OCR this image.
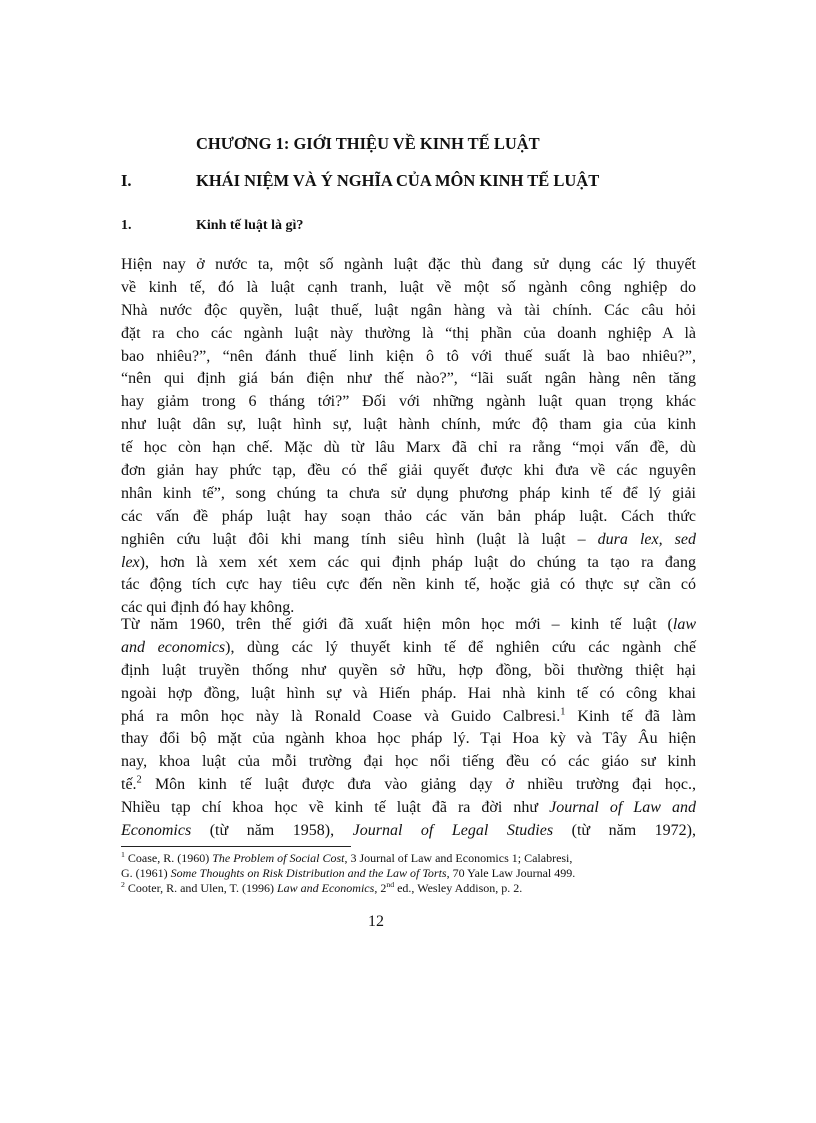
CHƯƠNG 1: GIỚI THIỆU VỀ KINH TẾ LUẬT
I.	KHÁI NIỆM VÀ Ý NGHĨA CỦA MÔN KINH TẾ LUẬT
1.	Kinh tế luật là gì?
Hiện nay ở nước ta, một số ngành luật đặc thù đang sử dụng các lý thuyết
về kinh tế, đó là luật cạnh tranh, luật về một số ngành công nghiệp do
Nhà nước độc quyền, luật thuế, luật ngân hàng và tài chính. Các câu hỏi
đặt ra cho các ngành luật này thường là “thị phần của doanh nghiệp A là
bao nhiêu?”, “nên đánh thuế linh kiện ô tô với thuế suất là bao nhiêu?”,
“nên qui định giá bán điện như thế nào?”, “lãi suất ngân hàng nên tăng
hay giảm trong 6 tháng tới?” Đối với những ngành luật quan trọng khác
như luật dân sự, luật hình sự, luật hành chính, mức độ tham gia của kinh
tế học còn hạn chế. Mặc dù từ lâu Marx đã chỉ ra rằng “mọi vấn đề, dù
đơn giản hay phức tạp, đều có thể giải quyết được khi đưa về các nguyên
nhân kinh tế”, song chúng ta chưa sử dụng phương pháp kinh tế để lý giải
các vấn đề pháp luật hay soạn thảo các văn bản pháp luật. Cách thức
nghiên cứu luật đôi khi mang tính siêu hình (luật là luật – dura lex, sed
lex), hơn là xem xét xem các qui định pháp luật do chúng ta tạo ra đang
tác động tích cực hay tiêu cực đến nền kinh tế, hoặc giả có thực sự cần có
các qui định đó hay không.
Từ năm 1960, trên thế giới đã xuất hiện môn học mới – kinh tế luật (law
and economics), dùng các lý thuyết kinh tế để nghiên cứu các ngành chế
định luật truyền thống như quyền sở hữu, hợp đồng, bồi thường thiệt hại
ngoài hợp đồng, luật hình sự và Hiến pháp. Hai nhà kinh tế có công khai
phá ra môn học này là Ronald Coase và Guido Calbresi.$^1$ Kinh tế đã làm
thay đổi bộ mặt của ngành khoa học pháp lý. Tại Hoa kỳ và Tây Âu hiện
nay, khoa luật của mỗi trường đại học nổi tiếng đều có các giáo sư kinh
tế.$^2$ Môn kinh tế luật được đưa vào giảng dạy ở nhiều trường đại học.,
Nhiều tạp chí khoa học về kinh tế luật đã ra đời như Journal of Law and
Economics (từ năm 1958), Journal of Legal Studies (từ năm 1972),
$^1$ Coase, R. (1960) The Problem of Social Cost, 3 Journal of Law and Economics 1; Calabresi,
G. (1961) Some Thoughts on Risk Distribution and the Law of Torts, 70 Yale Law Journal 499.
$^2$ Cooter, R. and Ulen, T. (1996) Law and Economics, 2nd ed., Wesley Addison, p. 2.
12
